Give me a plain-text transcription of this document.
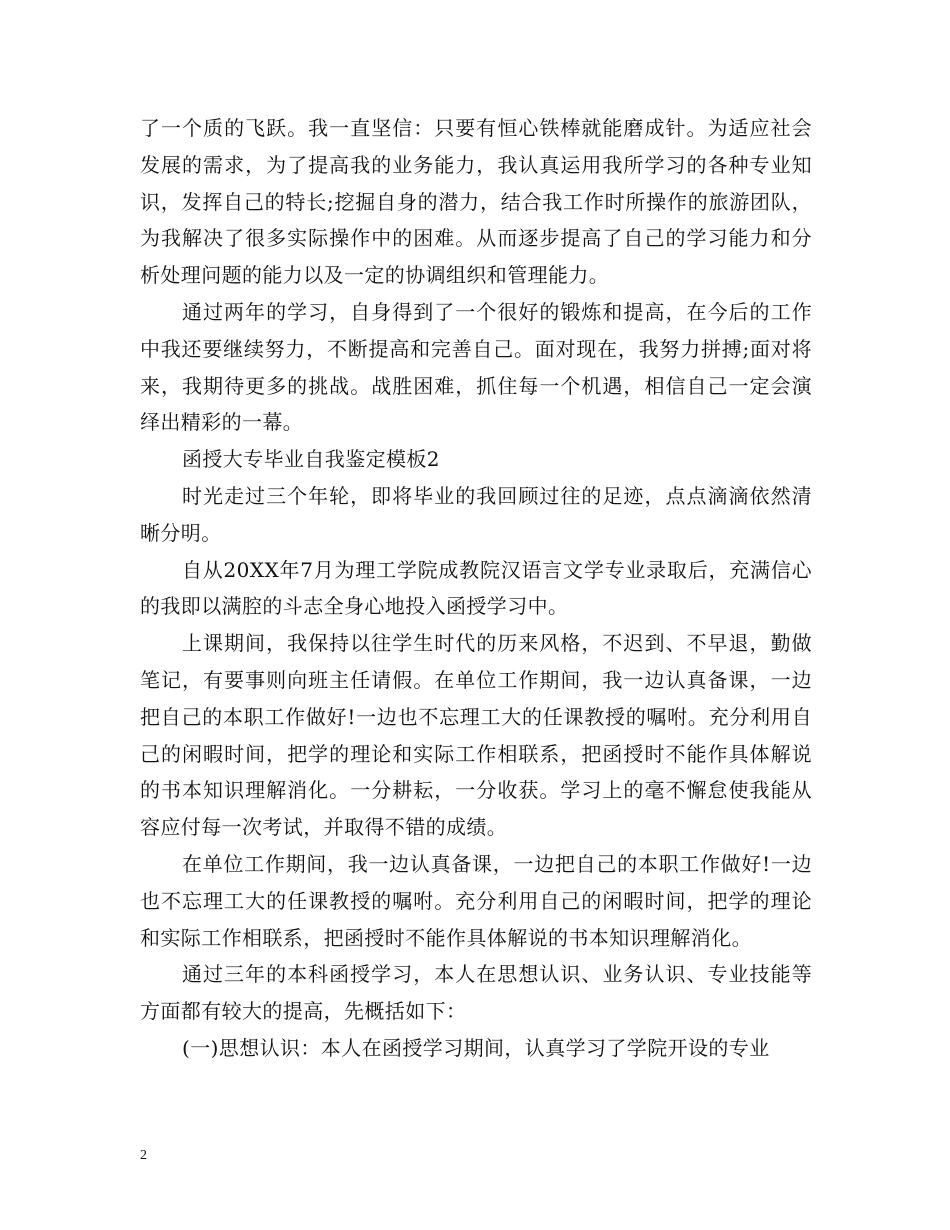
了一个质的飞跃。我一直坚信：只要有恒心铁棒就能磨成针。为适应社会发展的需求，为了提高我的业务能力，我认真运用我所学习的各种专业知识，发挥自己的特长;挖掘自身的潜力，结合我工作时所操作的旅游团队，为我解决了很多实际操作中的困难。从而逐步提高了自己的学习能力和分析处理问题的能力以及一定的协调组织和管理能力。

通过两年的学习，自身得到了一个很好的锻炼和提高，在今后的工作中我还要继续努力，不断提高和完善自己。面对现在，我努力拼搏;面对将来，我期待更多的挑战。战胜困难，抓住每一个机遇，相信自己一定会演绎出精彩的一幕。

函授大专毕业自我鉴定模板2

时光走过三个年轮，即将毕业的我回顾过往的足迹，点点滴滴依然清晰分明。

自从20XX年7月为理工学院成教院汉语言文学专业录取后，充满信心的我即以满腔的斗志全身心地投入函授学习中。

上课期间，我保持以往学生时代的历来风格，不迟到、不早退，勤做笔记，有要事则向班主任请假。在单位工作期间，我一边认真备课，一边把自己的本职工作做好!一边也不忘理工大的任课教授的嘱咐。充分利用自己的闲暇时间，把学的理论和实际工作相联系，把函授时不能作具体解说的书本知识理解消化。一分耕耘，一分收获。学习上的毫不懈怠使我能从容应付每一次考试，并取得不错的成绩。

在单位工作期间，我一边认真备课，一边把自己的本职工作做好!一边也不忘理工大的任课教授的嘱咐。充分利用自己的闲暇时间，把学的理论和实际工作相联系，把函授时不能作具体解说的书本知识理解消化。

通过三年的本科函授学习，本人在思想认识、业务认识、专业技能等方面都有较大的提高，先概括如下：

(一)思想认识：本人在函授学习期间，认真学习了学院开设的专业

2
